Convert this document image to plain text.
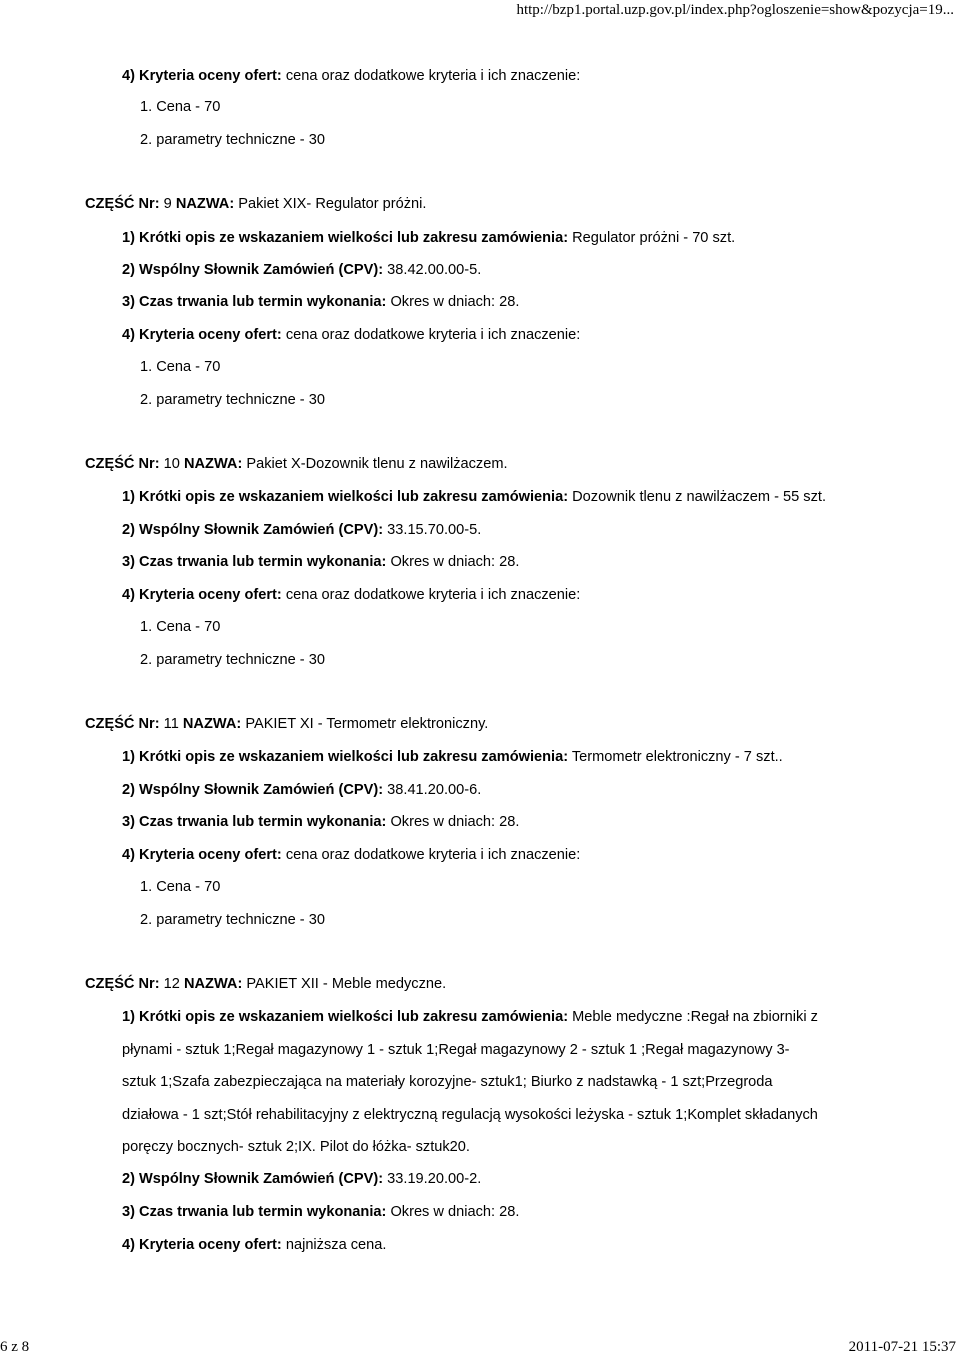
http://bzp1.portal.uzp.gov.pl/index.php?ogloszenie=show&pozycja=19...
4) Kryteria oceny ofert: cena oraz dodatkowe kryteria i ich znaczenie:
1. Cena - 70
2. parametry techniczne - 30
CZĘŚĆ Nr: 9 NAZWA: Pakiet XIX- Regulator próżni.
1) Krótki opis ze wskazaniem wielkości lub zakresu zamówienia: Regulator próżni - 70 szt.
2) Wspólny Słownik Zamówień (CPV): 38.42.00.00-5.
3) Czas trwania lub termin wykonania: Okres w dniach: 28.
4) Kryteria oceny ofert: cena oraz dodatkowe kryteria i ich znaczenie:
1. Cena - 70
2. parametry techniczne - 30
CZĘŚĆ Nr: 10 NAZWA: Pakiet X-Dozownik tlenu z nawilżaczem.
1) Krótki opis ze wskazaniem wielkości lub zakresu zamówienia: Dozownik tlenu z nawilżaczem - 55 szt.
2) Wspólny Słownik Zamówień (CPV): 33.15.70.00-5.
3) Czas trwania lub termin wykonania: Okres w dniach: 28.
4) Kryteria oceny ofert: cena oraz dodatkowe kryteria i ich znaczenie:
1. Cena - 70
2. parametry techniczne - 30
CZĘŚĆ Nr: 11 NAZWA: PAKIET XI - Termometr elektroniczny.
1) Krótki opis ze wskazaniem wielkości lub zakresu zamówienia: Termometr elektroniczny - 7 szt..
2) Wspólny Słownik Zamówień (CPV): 38.41.20.00-6.
3) Czas trwania lub termin wykonania: Okres w dniach: 28.
4) Kryteria oceny ofert: cena oraz dodatkowe kryteria i ich znaczenie:
1. Cena - 70
2. parametry techniczne - 30
CZĘŚĆ Nr: 12 NAZWA: PAKIET XII - Meble medyczne.
1) Krótki opis ze wskazaniem wielkości lub zakresu zamówienia: Meble medyczne :Regał na zbiorniki z
płynami - sztuk 1;Regał magazynowy 1 - sztuk 1;Regał magazynowy 2 - sztuk 1 ;Regał magazynowy 3-
sztuk 1;Szafa zabezpieczająca na materiały korozyjne- sztuk1; Biurko z nadstawką - 1 szt;Przegroda
działowa - 1 szt;Stół rehabilitacyjny z elektryczną regulacją wysokości leżyska - sztuk 1;Komplet składanych
poręczy bocznych- sztuk 2;IX. Pilot do łóżka- sztuk20.
2) Wspólny Słownik Zamówień (CPV): 33.19.20.00-2.
3) Czas trwania lub termin wykonania: Okres w dniach: 28.
4) Kryteria oceny ofert: najniższa cena.
6 z 8	2011-07-21 15:37
